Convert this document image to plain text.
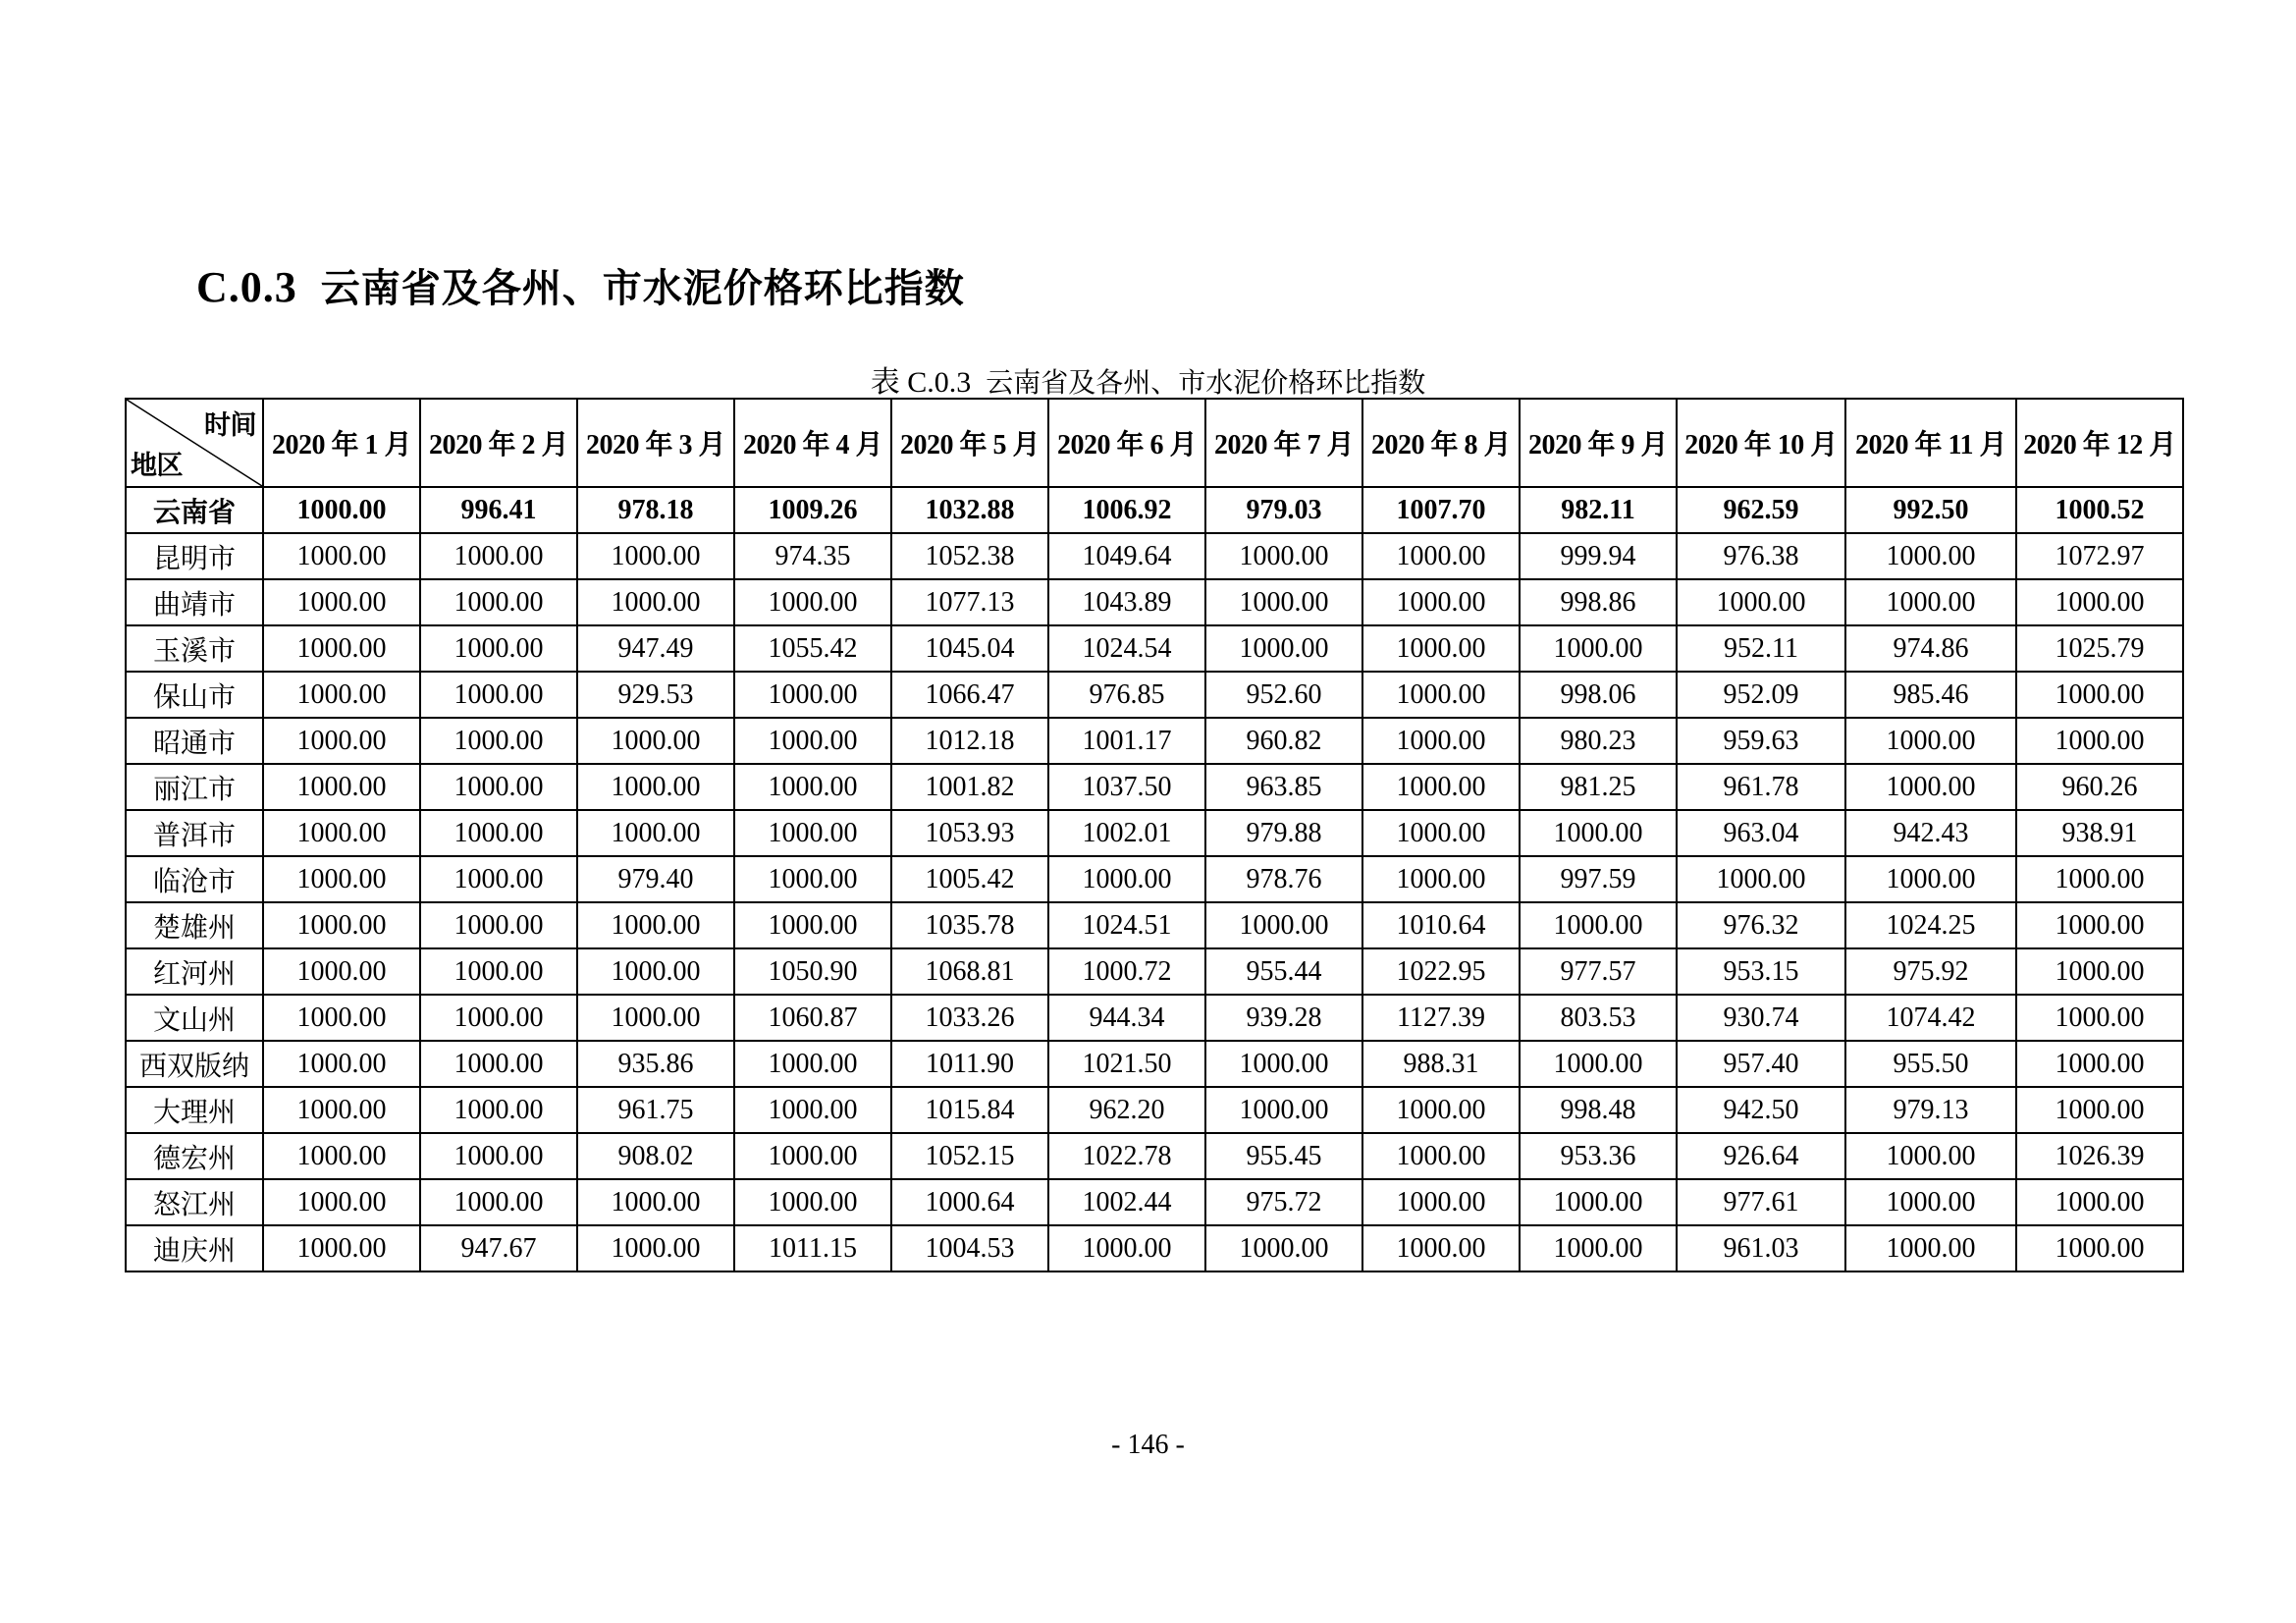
C.0.3 云南省及各州、市水泥价格环比指数
表 C.0.3 云南省及各州、市水泥价格环比指数
时间
地区	2020 年 1 月	2020 年 2 月	2020 年 3 月	2020 年 4 月	2020 年 5 月	2020 年 6 月	2020 年 7 月	2020 年 8 月	2020 年 9 月	2020 年 10 月	2020 年 11 月	2020 年 12 月
云南省	1000.00	996.41	978.18	1009.26	1032.88	1006.92	979.03	1007.70	982.11	962.59	992.50	1000.52
昆明市	1000.00	1000.00	1000.00	974.35	1052.38	1049.64	1000.00	1000.00	999.94	976.38	1000.00	1072.97
曲靖市	1000.00	1000.00	1000.00	1000.00	1077.13	1043.89	1000.00	1000.00	998.86	1000.00	1000.00	1000.00
玉溪市	1000.00	1000.00	947.49	1055.42	1045.04	1024.54	1000.00	1000.00	1000.00	952.11	974.86	1025.79
保山市	1000.00	1000.00	929.53	1000.00	1066.47	976.85	952.60	1000.00	998.06	952.09	985.46	1000.00
昭通市	1000.00	1000.00	1000.00	1000.00	1012.18	1001.17	960.82	1000.00	980.23	959.63	1000.00	1000.00
丽江市	1000.00	1000.00	1000.00	1000.00	1001.82	1037.50	963.85	1000.00	981.25	961.78	1000.00	960.26
普洱市	1000.00	1000.00	1000.00	1000.00	1053.93	1002.01	979.88	1000.00	1000.00	963.04	942.43	938.91
临沧市	1000.00	1000.00	979.40	1000.00	1005.42	1000.00	978.76	1000.00	997.59	1000.00	1000.00	1000.00
楚雄州	1000.00	1000.00	1000.00	1000.00	1035.78	1024.51	1000.00	1010.64	1000.00	976.32	1024.25	1000.00
红河州	1000.00	1000.00	1000.00	1050.90	1068.81	1000.72	955.44	1022.95	977.57	953.15	975.92	1000.00
文山州	1000.00	1000.00	1000.00	1060.87	1033.26	944.34	939.28	1127.39	803.53	930.74	1074.42	1000.00
西双版纳	1000.00	1000.00	935.86	1000.00	1011.90	1021.50	1000.00	988.31	1000.00	957.40	955.50	1000.00
大理州	1000.00	1000.00	961.75	1000.00	1015.84	962.20	1000.00	1000.00	998.48	942.50	979.13	1000.00
德宏州	1000.00	1000.00	908.02	1000.00	1052.15	1022.78	955.45	1000.00	953.36	926.64	1000.00	1026.39
怒江州	1000.00	1000.00	1000.00	1000.00	1000.64	1002.44	975.72	1000.00	1000.00	977.61	1000.00	1000.00
迪庆州	1000.00	947.67	1000.00	1011.15	1004.53	1000.00	1000.00	1000.00	1000.00	961.03	1000.00	1000.00
- 146 -
